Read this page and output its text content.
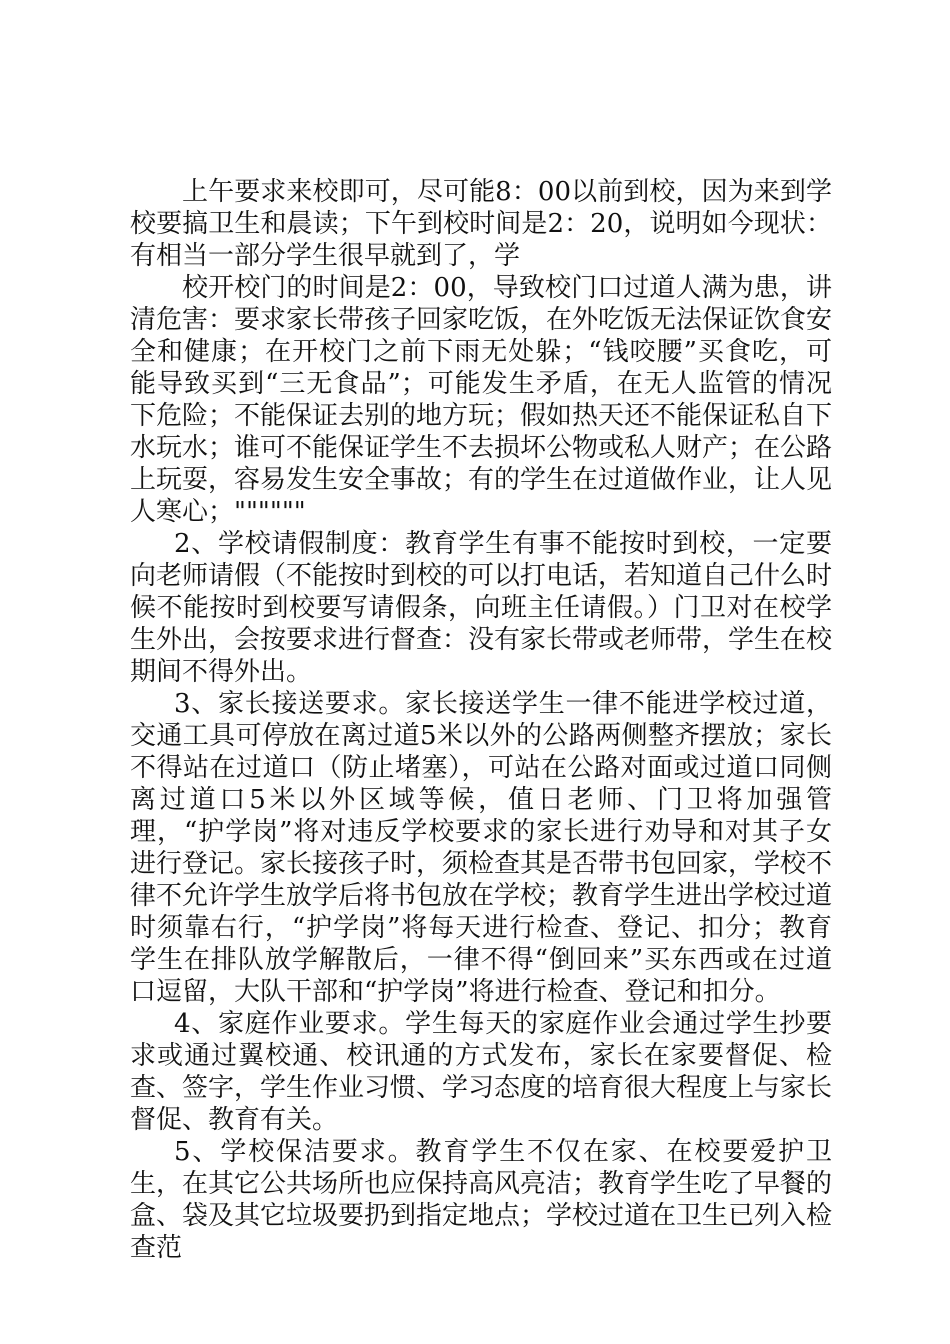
上午要求来校即可，尽可能8：00以前到校，因为来到学校要搞卫生和晨读；下午到校时间是2：20，说明如今现状：有相当一部分学生很早就到了，学

校开校门的时间是2：00，导致校门口过道人满为患，讲清危害：要求家长带孩子回家吃饭，在外吃饭无法保证饮食安全和健康；在开校门之前下雨无处躲；“钱咬腰”买食吃，可能导致买到“三无食品”；可能发生矛盾，在无人监管的情况下危险；不能保证去别的地方玩；假如热天还不能保证私自下水玩水；谁可不能保证学生不去损坏公物或私人财产；在公路上玩耍，容易发生安全事故；有的学生在过道做作业，让人见人寒心；""""""

2、学校请假制度：教育学生有事不能按时到校，一定要向老师请假（不能按时到校的可以打电话，若知道自己什么时候不能按时到校要写请假条，向班主任请假。）门卫对在校学生外出，会按要求进行督查：没有家长带或老师带，学生在校期间不得外出。

3、家长接送要求。家长接送学生一律不能进学校过道，交通工具可停放在离过道5米以外的公路两侧整齐摆放；家长不得站在过道口（防止堵塞），可站在公路对面或过道口同侧离过道口5米以外区域等候，值日老师、门卫将加强管理，“护学岗”将对违反学校要求的家长进行劝导和对其子女进行登记。家长接孩子时，须检查其是否带书包回家，学校不律不允许学生放学后将书包放在学校；教育学生进出学校过道时须靠右行，“护学岗”将每天进行检查、登记、扣分；教育学生在排队放学解散后，一律不得“倒回来”买东西或在过道口逗留，大队干部和“护学岗”将进行检查、登记和扣分。

4、家庭作业要求。学生每天的家庭作业会通过学生抄要求或通过翼校通、校讯通的方式发布，家长在家要督促、检查、签字，学生作业习惯、学习态度的培育很大程度上与家长督促、教育有关。

5、学校保洁要求。教育学生不仅在家、在校要爱护卫生，在其它公共场所也应保持高风亮洁；教育学生吃了早餐的盒、袋及其它垃圾要扔到指定地点；学校过道在卫生已列入检查范
